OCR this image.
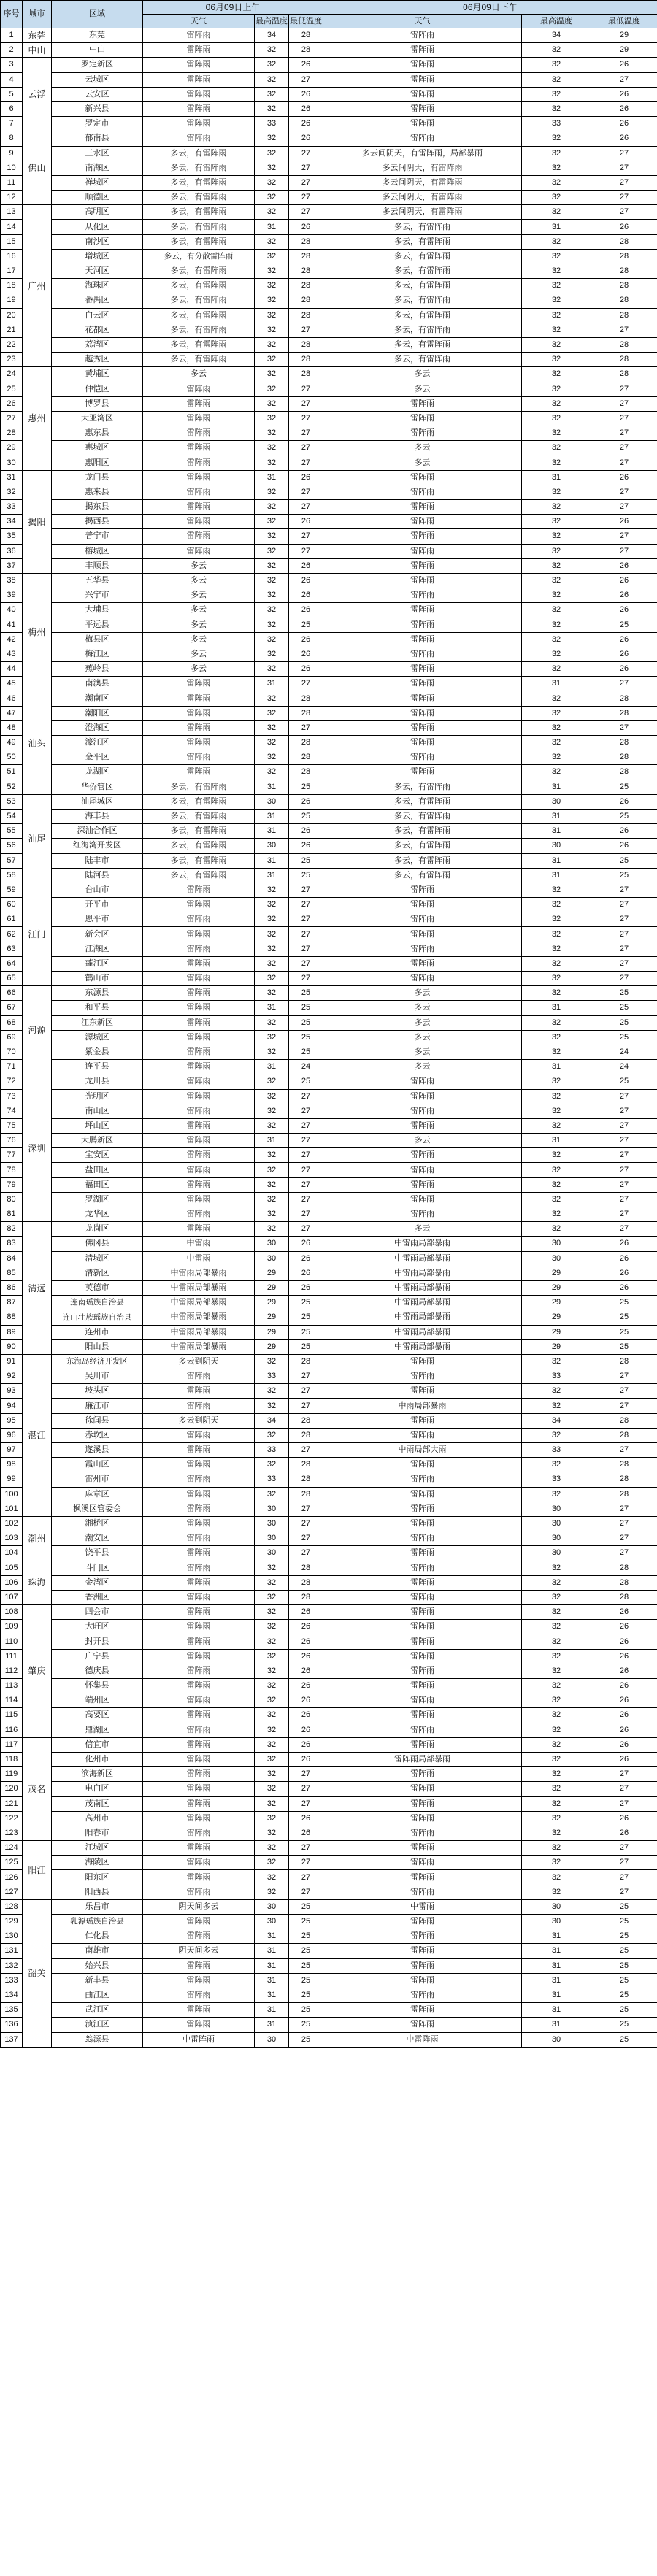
序号	城市	区域	06月09日上午			06月09日下午		
			天气	最高温度	最低温度	天气	最高温度	最低温度
1	东莞	东莞	雷阵雨	34	28	雷阵雨	34	29
2	中山	中山	雷阵雨	32	28	雷阵雨	32	29
3	云浮	罗定新区	雷阵雨	32	26	雷阵雨	32	26
4		云城区	雷阵雨	32	27	雷阵雨	32	27
5		云安区	雷阵雨	32	26	雷阵雨	32	26
6		新兴县	雷阵雨	32	26	雷阵雨	32	26
7		罗定市	雷阵雨	33	26	雷阵雨	33	26
8	佛山	郁南县	雷阵雨	32	26	雷阵雨	32	26
9		三水区	多云，有雷阵雨	32	27	多云间阴天，有雷阵雨，局部暴雨	32	27
10		南海区	多云，有雷阵雨	32	27	多云间阴天，有雷阵雨	32	27
11		禅城区	多云，有雷阵雨	32	27	多云间阴天，有雷阵雨	32	27
12		顺德区	多云，有雷阵雨	32	27	多云间阴天，有雷阵雨	32	27
13	广州	高明区	多云，有雷阵雨	32	27	多云间阴天，有雷阵雨	32	27
14		从化区	多云，有雷阵雨	31	26	多云，有雷阵雨	31	26
15		南沙区	多云，有雷阵雨	32	28	多云，有雷阵雨	32	28
16		增城区	多云，有分散雷阵雨	32	28	多云，有雷阵雨	32	28
17		天河区	多云，有雷阵雨	32	28	多云，有雷阵雨	32	28
18		海珠区	多云，有雷阵雨	32	28	多云，有雷阵雨	32	28
19		番禺区	多云，有雷阵雨	32	28	多云，有雷阵雨	32	28
20		白云区	多云，有雷阵雨	32	28	多云，有雷阵雨	32	28
21		花都区	多云，有雷阵雨	32	27	多云，有雷阵雨	32	27
22		荔湾区	多云，有雷阵雨	32	28	多云，有雷阵雨	32	28
23		越秀区	多云，有雷阵雨	32	28	多云，有雷阵雨	32	28
24	惠州	黄埔区	多云	32	28	多云	32	28
25		仲恺区	雷阵雨	32	27	多云	32	27
26		博罗县	雷阵雨	32	27	雷阵雨	32	27
27		大亚湾区	雷阵雨	32	27	雷阵雨	32	27
28		惠东县	雷阵雨	32	27	雷阵雨	32	27
29		惠城区	雷阵雨	32	27	多云	32	27
30		惠阳区	雷阵雨	32	27	多云	32	27
31	揭阳	龙门县	雷阵雨	31	26	雷阵雨	31	26
32		惠来县	雷阵雨	32	27	雷阵雨	32	27
33		揭东县	雷阵雨	32	27	雷阵雨	32	27
34		揭西县	雷阵雨	32	26	雷阵雨	32	26
35		普宁市	雷阵雨	32	27	雷阵雨	32	27
36		榕城区	雷阵雨	32	27	雷阵雨	32	27
37		丰顺县	多云	32	26	雷阵雨	32	26
38	梅州	五华县	多云	32	26	雷阵雨	32	26
39		兴宁市	多云	32	26	雷阵雨	32	26
40		大埔县	多云	32	26	雷阵雨	32	26
41		平远县	多云	32	25	雷阵雨	32	25
42		梅县区	多云	32	26	雷阵雨	32	26
43		梅江区	多云	32	26	雷阵雨	32	26
44		蕉岭县	多云	32	26	雷阵雨	32	26
45		南澳县	雷阵雨	31	27	雷阵雨	31	27
46	汕头	潮南区	雷阵雨	32	28	雷阵雨	32	28
47		潮阳区	雷阵雨	32	28	雷阵雨	32	28
48		澄海区	雷阵雨	32	27	雷阵雨	32	27
49		濠江区	雷阵雨	32	28	雷阵雨	32	28
50		金平区	雷阵雨	32	28	雷阵雨	32	28
51		龙湖区	雷阵雨	32	28	雷阵雨	32	28
52		华侨管区	多云，有雷阵雨	31	25	多云，有雷阵雨	31	25
53	汕尾	汕尾城区	多云，有雷阵雨	30	26	多云，有雷阵雨	30	26
54		海丰县	多云，有雷阵雨	31	25	多云，有雷阵雨	31	25
55		深汕合作区	多云，有雷阵雨	31	26	多云，有雷阵雨	31	26
56		红海湾开发区	多云，有雷阵雨	30	26	多云，有雷阵雨	30	26
57		陆丰市	多云，有雷阵雨	31	25	多云，有雷阵雨	31	25
58		陆河县	多云，有雷阵雨	31	25	多云，有雷阵雨	31	25
59	江门	台山市	雷阵雨	32	27	雷阵雨	32	27
60		开平市	雷阵雨	32	27	雷阵雨	32	27
61		恩平市	雷阵雨	32	27	雷阵雨	32	27
62		新会区	雷阵雨	32	27	雷阵雨	32	27
63		江海区	雷阵雨	32	27	雷阵雨	32	27
64		蓬江区	雷阵雨	32	27	雷阵雨	32	27
65		鹤山市	雷阵雨	32	27	雷阵雨	32	27
66	河源	东源县	雷阵雨	32	25	多云	32	25
67		和平县	雷阵雨	31	25	多云	31	25
68		江东新区	雷阵雨	32	25	多云	32	25
69		源城区	雷阵雨	32	25	多云	32	25
70		紫金县	雷阵雨	32	25	多云	32	24
71		连平县	雷阵雨	31	24	多云	31	24
72	深圳	龙川县	雷阵雨	32	25	雷阵雨	32	25
73		光明区	雷阵雨	32	27	雷阵雨	32	27
74		南山区	雷阵雨	32	27	雷阵雨	32	27
75		坪山区	雷阵雨	32	27	雷阵雨	32	27
76		大鹏新区	雷阵雨	31	27	多云	31	27
77		宝安区	雷阵雨	32	27	雷阵雨	32	27
78		盐田区	雷阵雨	32	27	雷阵雨	32	27
79		福田区	雷阵雨	32	27	雷阵雨	32	27
80		罗湖区	雷阵雨	32	27	雷阵雨	32	27
81		龙华区	雷阵雨	32	27	雷阵雨	32	27
82	清远	龙岗区	雷阵雨	32	27	多云	32	27
83		佛冈县	中雷雨	30	26	中雷雨局部暴雨	30	26
84		清城区	中雷雨	30	26	中雷雨局部暴雨	30	26
85		清新区	中雷雨局部暴雨	29	26	中雷雨局部暴雨	29	26
86		英德市	中雷雨局部暴雨	29	26	中雷雨局部暴雨	29	26
87		连南瑶族自治县	中雷雨局部暴雨	29	25	中雷雨局部暴雨	29	25
88		连山壮族瑶族自治县	中雷雨局部暴雨	29	25	中雷雨局部暴雨	29	25
89		连州市	中雷雨局部暴雨	29	25	中雷雨局部暴雨	29	25
90		阳山县	中雷雨局部暴雨	29	25	中雷雨局部暴雨	29	25
91	湛江	东海岛经济开发区	多云到阴天	32	28	雷阵雨	32	28
92		吴川市	雷阵雨	33	27	雷阵雨	33	27
93		坡头区	雷阵雨	32	27	雷阵雨	32	27
94		廉江市	雷阵雨	32	27	中雨局部暴雨	32	27
95		徐闻县	多云到阴天	34	28	雷阵雨	34	28
96		赤坎区	雷阵雨	32	28	雷阵雨	32	28
97		遂溪县	雷阵雨	33	27	中雨局部大雨	33	27
98		霞山区	雷阵雨	32	28	雷阵雨	32	28
99		雷州市	雷阵雨	33	28	雷阵雨	33	28
100		麻章区	雷阵雨	32	28	雷阵雨	32	28
101		枫溪区管委会	雷阵雨	30	27	雷阵雨	30	27
102	潮州	湘桥区	雷阵雨	30	27	雷阵雨	30	27
103		潮安区	雷阵雨	30	27	雷阵雨	30	27
104		饶平县	雷阵雨	30	27	雷阵雨	30	27
105	珠海	斗门区	雷阵雨	32	28	雷阵雨	32	28
106		金湾区	雷阵雨	32	28	雷阵雨	32	28
107		香洲区	雷阵雨	32	28	雷阵雨	32	28
108	肇庆	四会市	雷阵雨	32	26	雷阵雨	32	26
109		大旺区	雷阵雨	32	26	雷阵雨	32	26
110		封开县	雷阵雨	32	26	雷阵雨	32	26
111		广宁县	雷阵雨	32	26	雷阵雨	32	26
112		德庆县	雷阵雨	32	26	雷阵雨	32	26
113		怀集县	雷阵雨	32	26	雷阵雨	32	26
114		端州区	雷阵雨	32	26	雷阵雨	32	26
115		高要区	雷阵雨	32	26	雷阵雨	32	26
116		鼎湖区	雷阵雨	32	26	雷阵雨	32	26
117	茂名	信宜市	雷阵雨	32	26	雷阵雨	32	26
118		化州市	雷阵雨	32	26	雷阵雨局部暴雨	32	26
119		滨海新区	雷阵雨	32	27	雷阵雨	32	27
120		电白区	雷阵雨	32	27	雷阵雨	32	27
121		茂南区	雷阵雨	32	27	雷阵雨	32	27
122		高州市	雷阵雨	32	26	雷阵雨	32	26
123		阳春市	雷阵雨	32	26	雷阵雨	32	26
124	阳江	江城区	雷阵雨	32	27	雷阵雨	32	27
125		海陵区	雷阵雨	32	27	雷阵雨	32	27
126		阳东区	雷阵雨	32	27	雷阵雨	32	27
127		阳西县	雷阵雨	32	27	雷阵雨	32	27
128	韶关	乐昌市	阴天间多云	30	25	中雷雨	30	25
129		乳源瑶族自治县	雷阵雨	30	25	雷阵雨	30	25
130		仁化县	雷阵雨	31	25	雷阵雨	31	25
131		南雄市	阴天间多云	31	25	雷阵雨	31	25
132		始兴县	雷阵雨	31	25	雷阵雨	31	25
133		新丰县	雷阵雨	31	25	雷阵雨	31	25
134		曲江区	雷阵雨	31	25	雷阵雨	31	25
135		武江区	雷阵雨	31	25	雷阵雨	31	25
136		浈江区	雷阵雨	31	25	雷阵雨	31	25
137		翁源县	中雷阵雨	30	25	中雷阵雨	30	25
